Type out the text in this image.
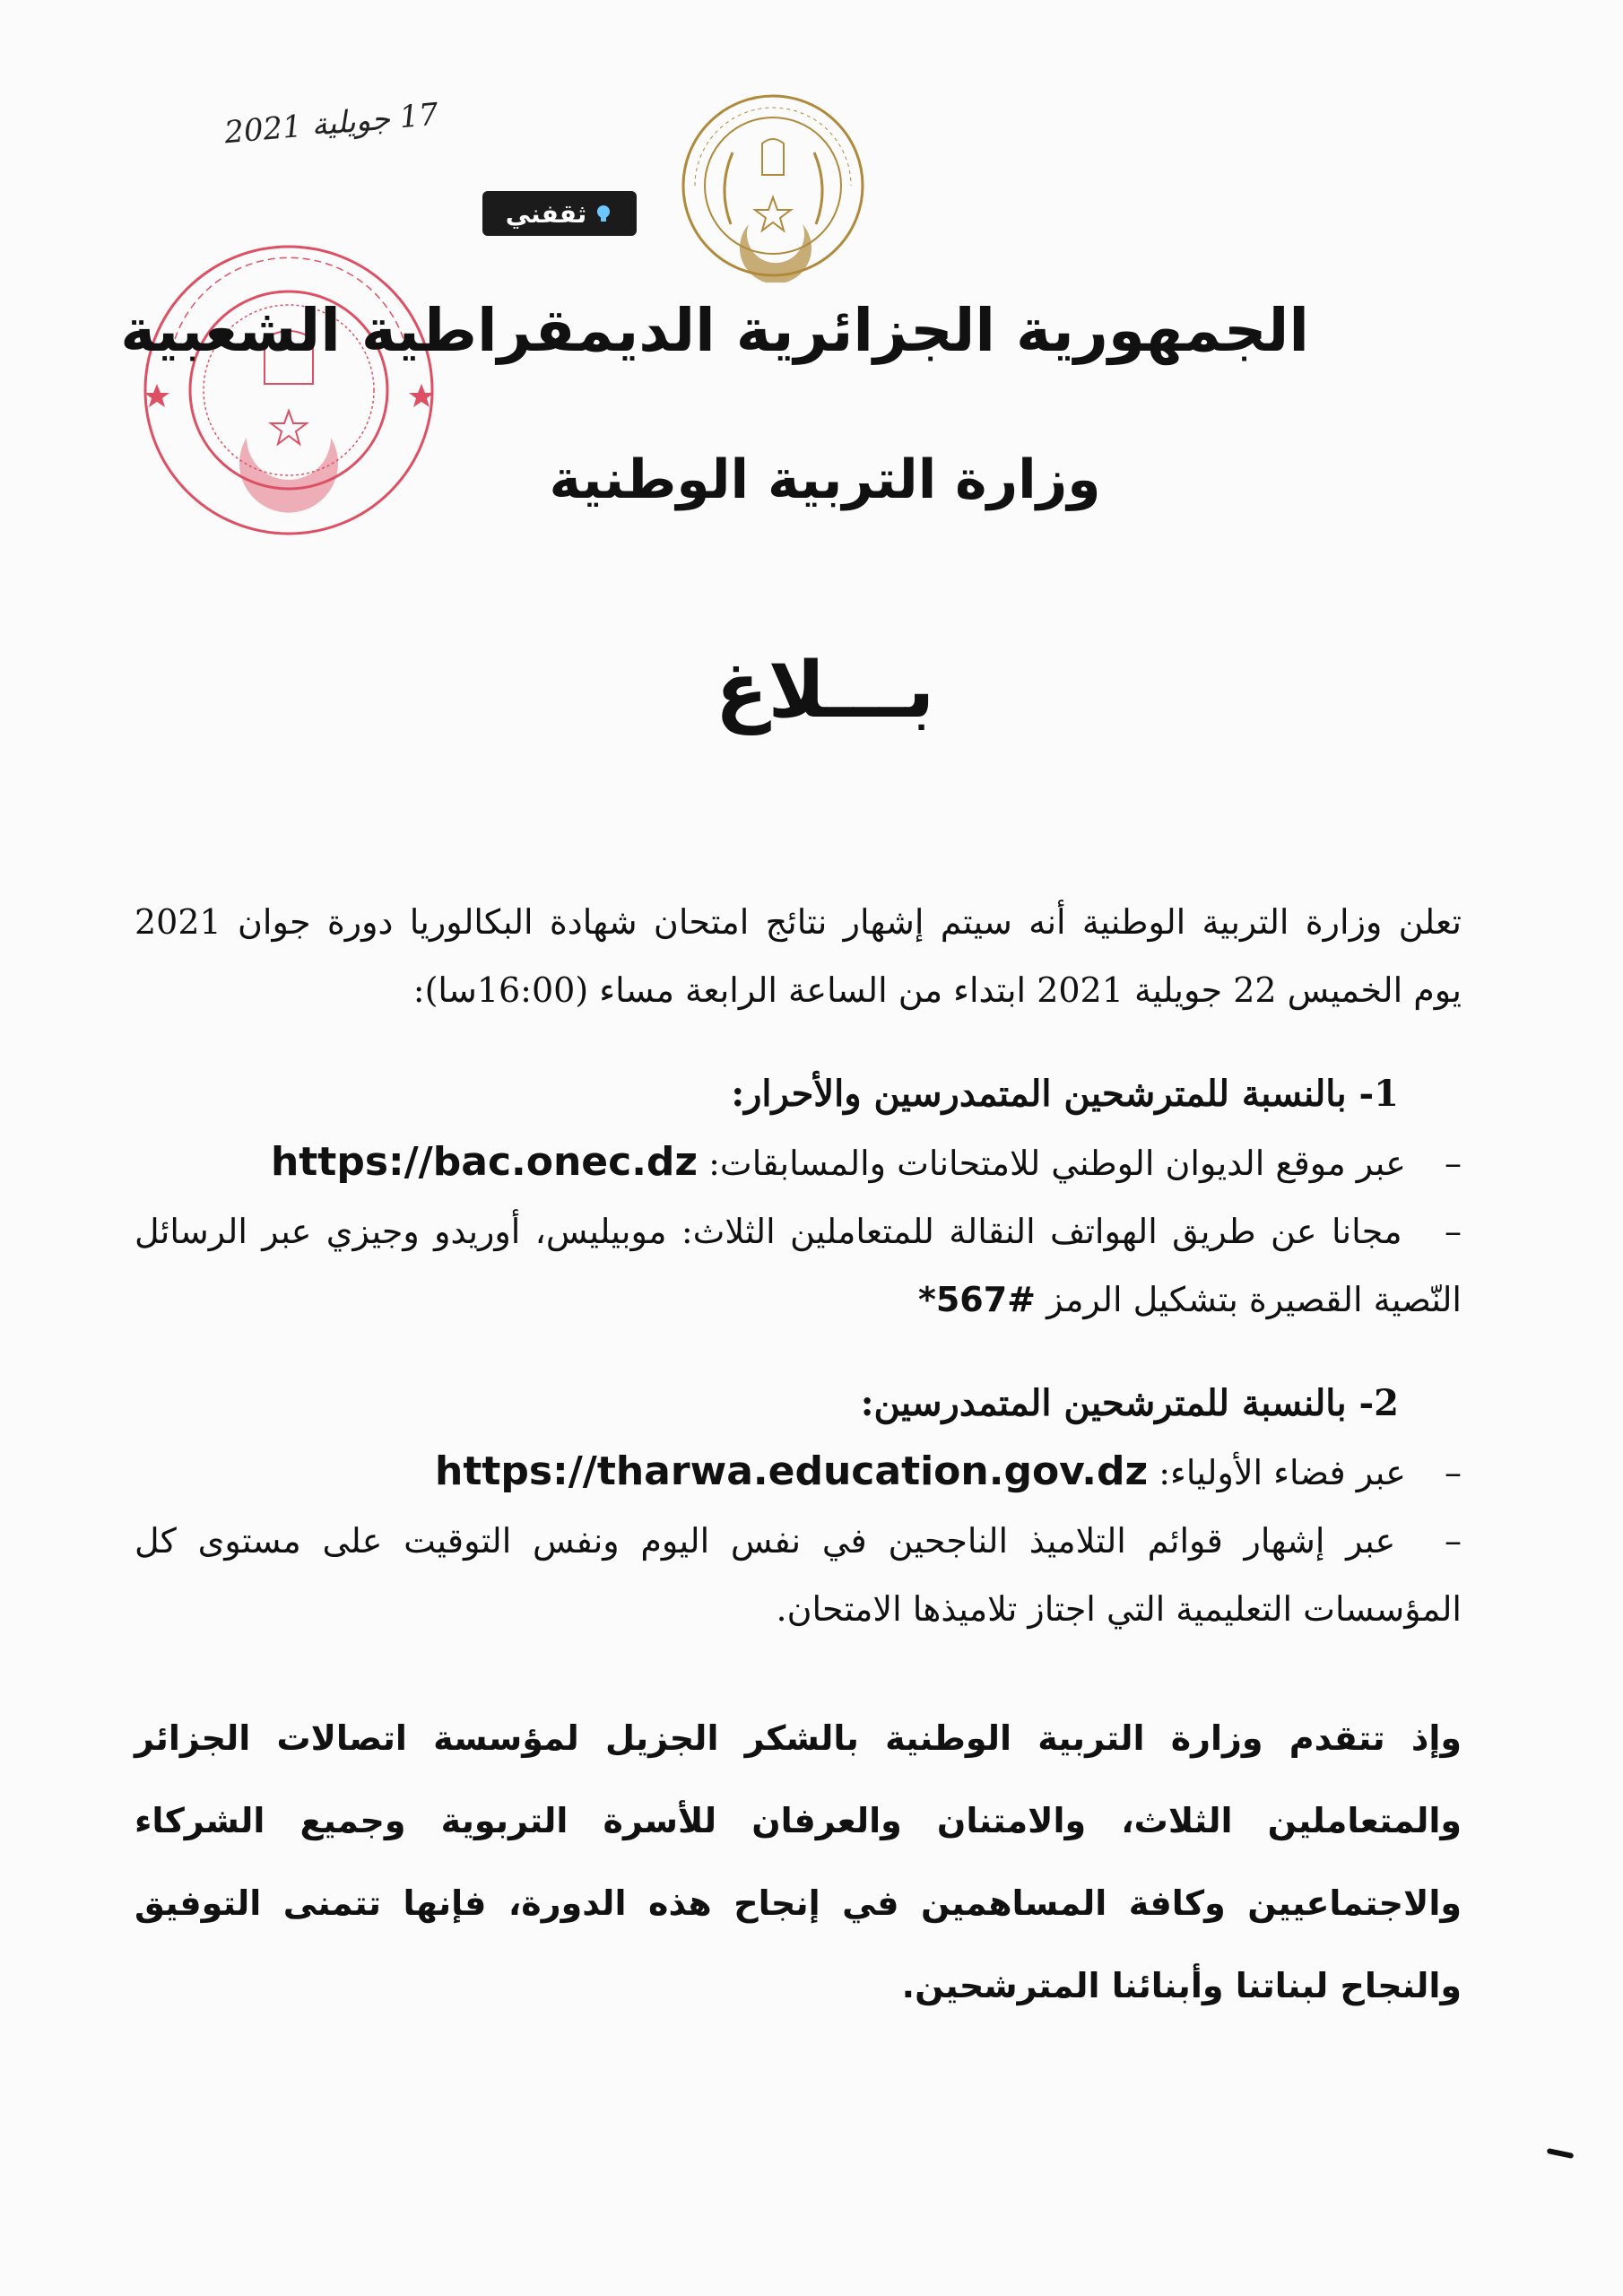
17 جويلية 2021
ثقفني
الجمهورية الجزائرية الديمقراطية الشعبية
وزارة التربية الوطنية
بـــلاغ

تعلن وزارة التربية الوطنية أنه سيتم إشهار نتائج امتحان شهادة البكالوريا دورة جوان 2021

يوم الخميس 22 جويلية 2021 ابتداء من الساعة الرابعة مساء (16:00سا):

1- بالنسبة للمترشحين المتمدرسين والأحرار:

– عبر موقع الديوان الوطني للامتحانات والمسابقات: https://bac.onec.dz

– مجانا عن طريق الهواتف النقالة للمتعاملين الثلاث: موبيليس، أوريدو وجيزي عبر الرسائل النّصية القصيرة بتشكيل الرمز *567#

2- بالنسبة للمترشحين المتمدرسين:

– عبر فضاء الأولياء: https://tharwa.education.gov.dz

– عبر إشهار قوائم التلاميذ الناجحين في نفس اليوم ونفس التوقيت على مستوى كل المؤسسات التعليمية التي اجتاز تلاميذها الامتحان.

وإذ تتقدم وزارة التربية الوطنية بالشكر الجزيل لمؤسسة اتصالات الجزائر والمتعاملين الثلاث، والامتنان والعرفان للأسرة التربوية وجميع الشركاء والاجتماعيين وكافة المساهمين في إنجاح هذه الدورة، فإنها تتمنى التوفيق والنجاح لبناتنا وأبنائنا المترشحين.
